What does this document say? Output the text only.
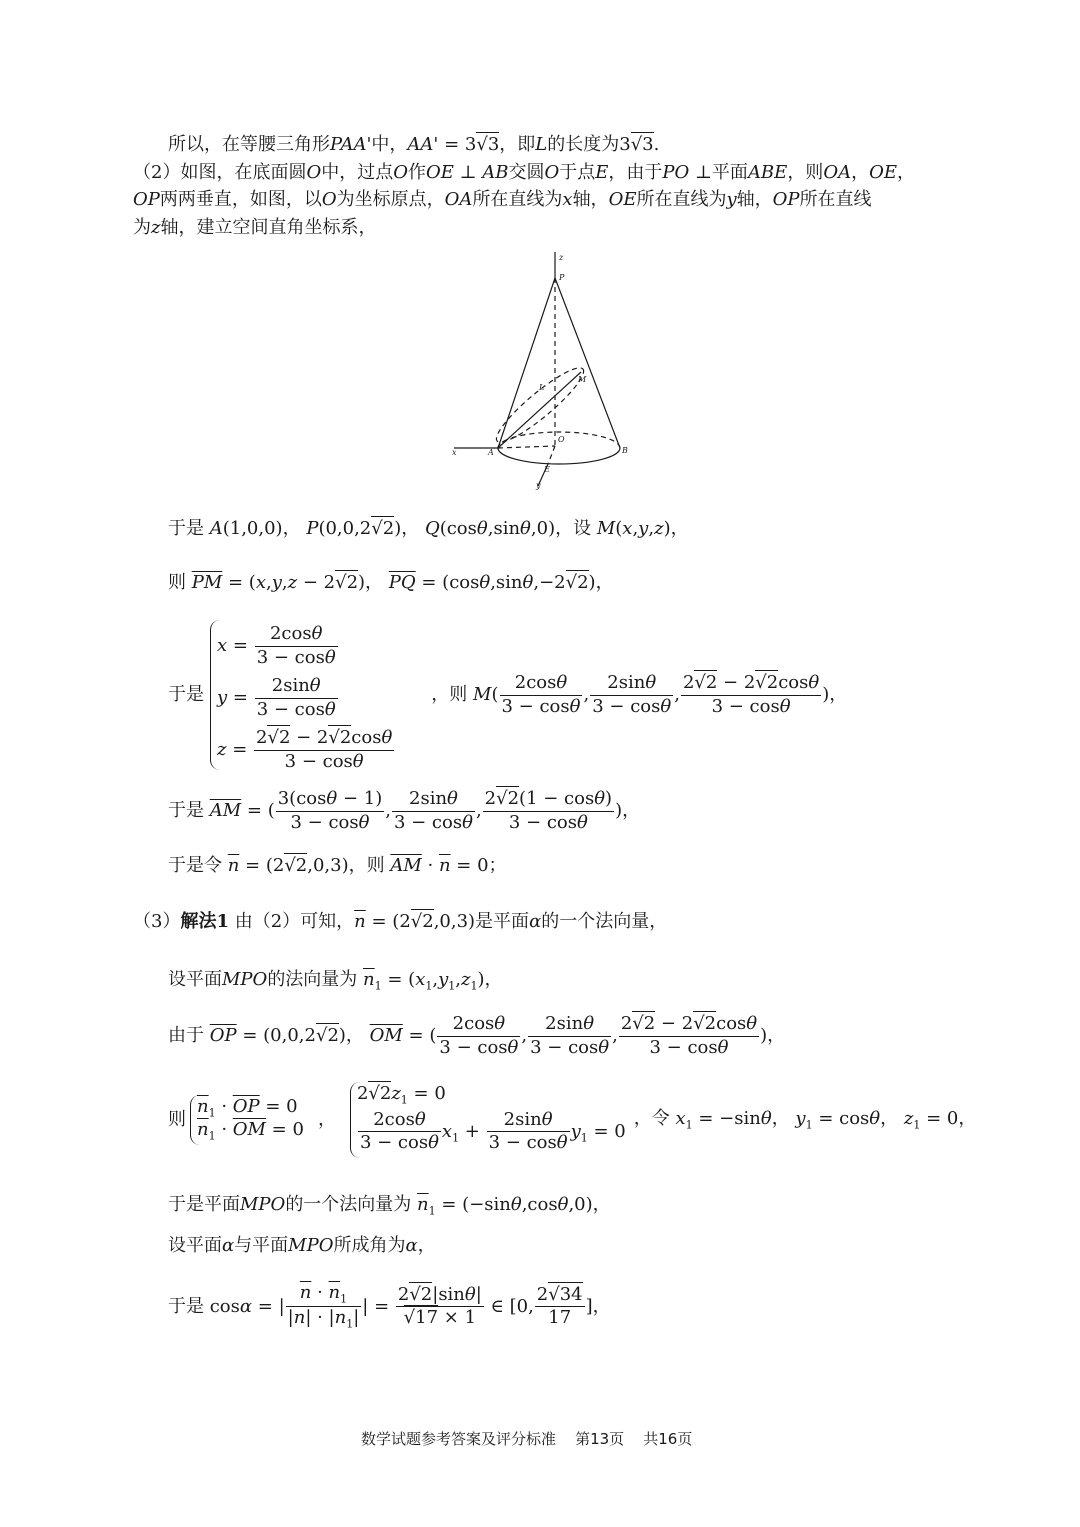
所以，在等腰三角形PAA'中，AA' = 3√3，即L的长度为3√3.
（2）如图，在底面圆O中，过点O作OE ⊥ AB交圆O于点E，由于PO ⊥平面ABE，则OA，OE，
OP两两垂直，如图，以O为坐标原点，OA所在直线为x轴，OE所在直线为y轴，OP所在直线
为z轴，建立空间直角坐标系，
z
P
L
M
O
x	A	B
E
y
于是 A(1,0,0)， P(0,0,2√2)， Q(cosθ,sinθ,0)，设 M(x,y,z)，
则 $\overline{PM} = (x,y,z - 2√2)$， $\overline{PQ} = (\cos\theta,\sin\theta,-2√2)$，
于是
$x = \frac{2\cos\theta}{3 - \cos\theta}$
$y = \frac{2\sin\theta}{3 - \cos\theta}$
$z = \frac{2√2 - 2√2\cos\theta}{3 - \cos\theta}$
，则 $M( \frac{2\cos\theta}{3 - \cos\theta}$ , $\frac{2\sin\theta}{3 - \cos\theta}$ , $\frac{2√2 - 2√2\cos\theta}{3 - \cos\theta}$ )，
于是 $\overline{AM}$ = ( $\frac{3(\cos\theta - 1)}{3 - \cos\theta}$ , $\frac{2\sin\theta}{3 - \cos\theta}$ , $\frac{2√2(1 - \cos\theta)}{3 - \cos\theta}$ )，
于是令 $\overline{n} = (2√2,0,3)$，则 $\overline{AM} \cdot \overline{n} = 0$；
（3）解法1 由（2）可知，$\overline{n} = (2√2,0,3)$是平面α的一个法向量，
设平面MPO的法向量为 $\overline{n}_1 = (x_1,y_1,z_1)$，
由于 $\overline{OP} = (0,0,2√2)$， $\overline{OM}$ = ( $\frac{2\cos\theta}{3 - \cos\theta}$ , $\frac{2\sin\theta}{3 - \cos\theta}$ , $\frac{2√2 - 2√2\cos\theta}{3 - \cos\theta}$ )，
则
$\overline{n}_1 \cdot \overline{OP} = 0$
$\overline{n}_1 \cdot \overline{OM} = 0$ ，
$2√2z_1 = 0$
$\frac{2\cos\theta}{3 - \cos\theta} x_1 + \frac{2\sin\theta}{3 - \cos\theta} y_1 = 0$
，令 $x_1 = -\sin\theta$， $y_1 = \cos\theta$， $z_1 = 0$，
于是平面MPO的一个法向量为 $\overline{n}_1 = (-\sin\theta,\cos\theta,0)$，
设平面α与平面MPO所成角为α，
于是 cosα = | $\frac{\overline{n} \cdot \overline{n}_1}{|\overline{n}| \cdot |\overline{n}_1|}$ | = $\frac{2√2|\sin\theta|}{√17 \times 1}$ ∈ [0, $\frac{2√34}{17}$ ]，
数学试题参考答案及评分标准 第13页 共16页
